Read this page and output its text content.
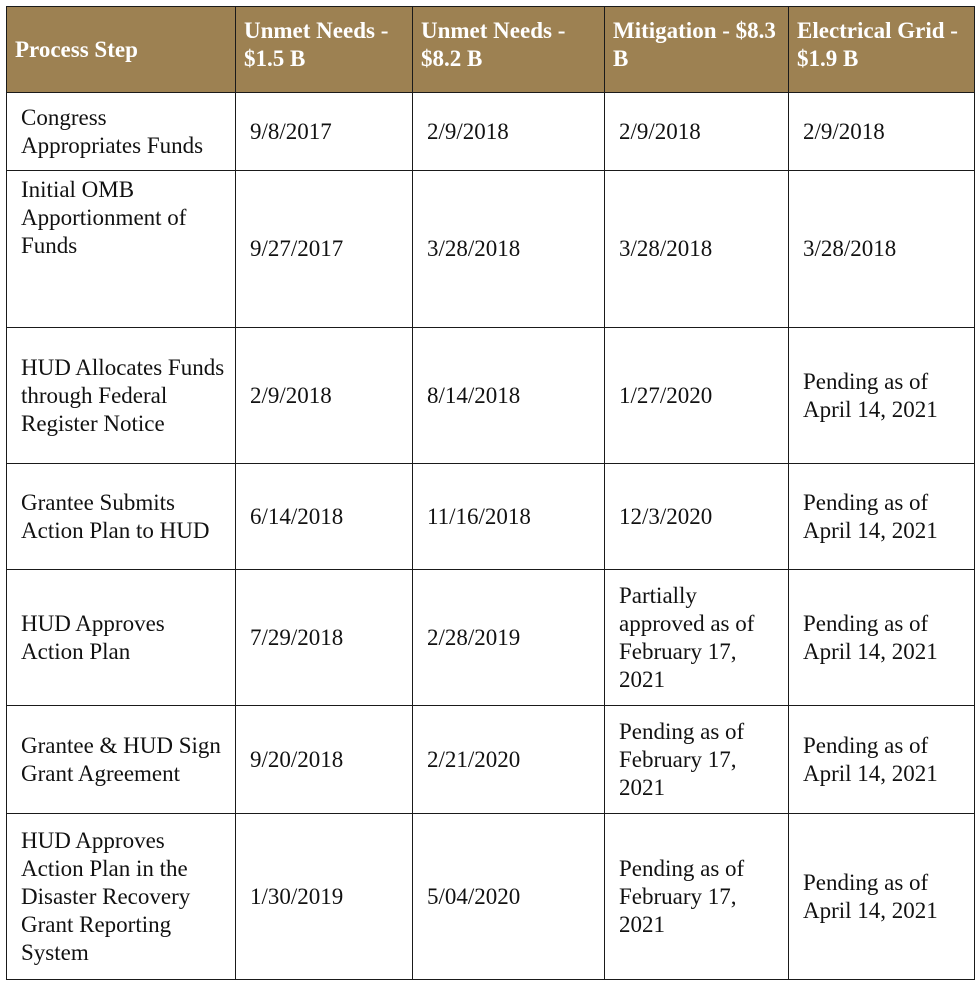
Process Step	Unmet Needs - $1.5 B	Unmet Needs - $8.2 B	Mitigation - $8.3 B	Electrical Grid - $1.9 B
Congress Appropriates Funds	9/8/2017	2/9/2018	2/9/2018	2/9/2018
Initial OMB Apportionment of Funds	9/27/2017	3/28/2018	3/28/2018	3/28/2018
HUD Allocates Funds through Federal Register Notice	2/9/2018	8/14/2018	1/27/2020	Pending as of April 14, 2021
Grantee Submits Action Plan to HUD	6/14/2018	11/16/2018	12/3/2020	Pending as of April 14, 2021
HUD Approves Action Plan	7/29/2018	2/28/2019	Partially approved as of February 17, 2021	Pending as of April 14, 2021
Grantee & HUD Sign Grant Agreement	9/20/2018	2/21/2020	Pending as of February 17, 2021	Pending as of April 14, 2021
HUD Approves Action Plan in the Disaster Recovery Grant Reporting System	1/30/2019	5/04/2020	Pending as of February 17, 2021	Pending as of April 14, 2021
